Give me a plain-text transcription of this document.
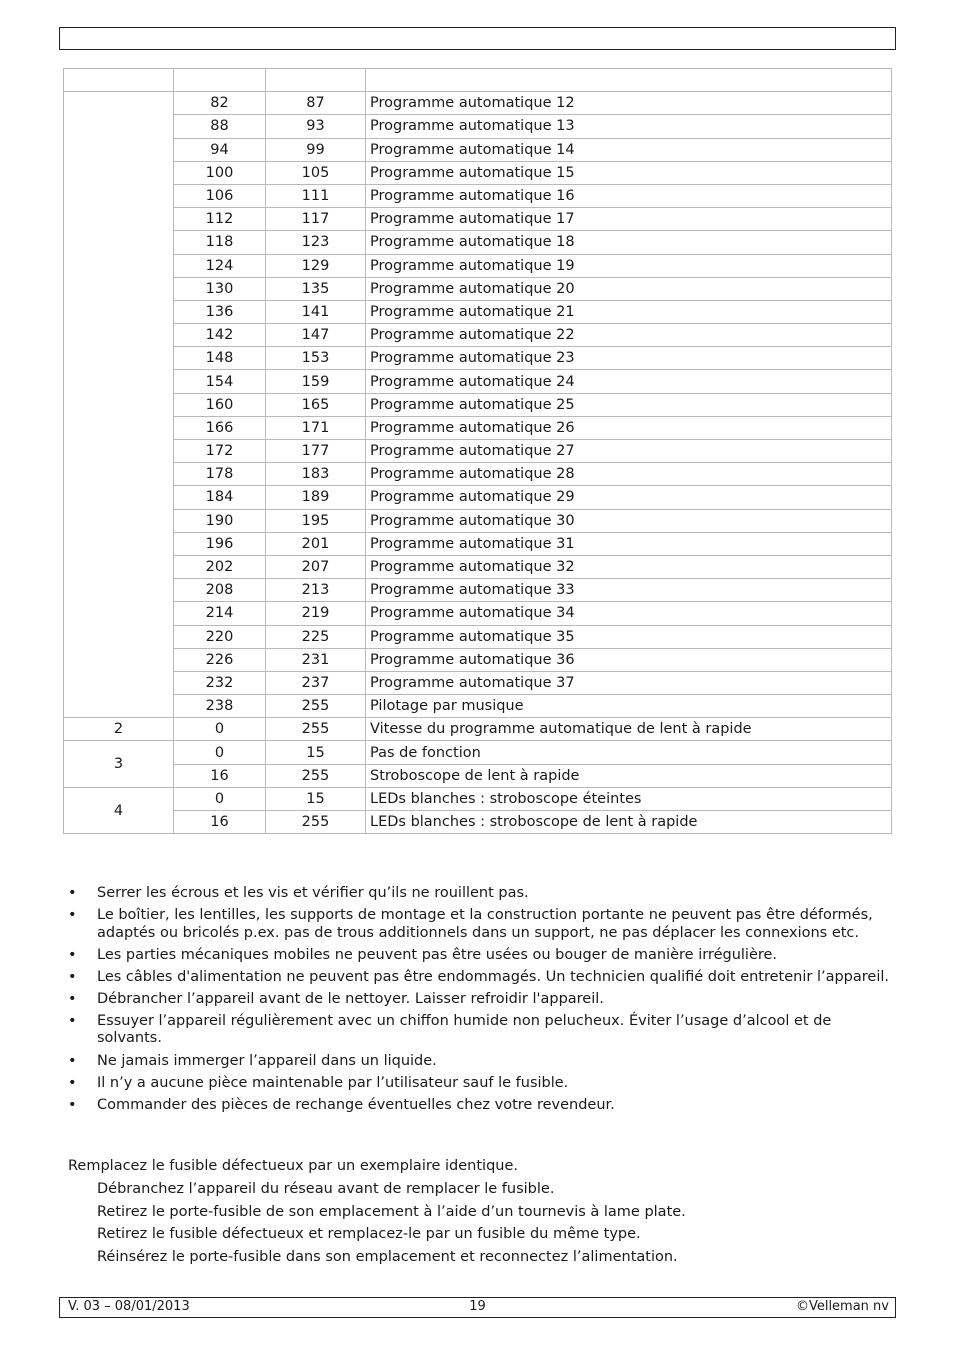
	82	87	Programme automatique 12
	88	93	Programme automatique 13
	94	99	Programme automatique 14
	100	105	Programme automatique 15
	106	111	Programme automatique 16
	112	117	Programme automatique 17
	118	123	Programme automatique 18
	124	129	Programme automatique 19
	130	135	Programme automatique 20
	136	141	Programme automatique 21
	142	147	Programme automatique 22
	148	153	Programme automatique 23
	154	159	Programme automatique 24
	160	165	Programme automatique 25
	166	171	Programme automatique 26
	172	177	Programme automatique 27
	178	183	Programme automatique 28
	184	189	Programme automatique 29
	190	195	Programme automatique 30
	196	201	Programme automatique 31
	202	207	Programme automatique 32
	208	213	Programme automatique 33
	214	219	Programme automatique 34
	220	225	Programme automatique 35
	226	231	Programme automatique 36
	232	237	Programme automatique 37
	238	255	Pilotage par musique
2	0	255	Vitesse du programme automatique de lent à rapide
3	0	15	Pas de fonction
	16	255	Stroboscope de lent à rapide
4	0	15	LEDs blanches : stroboscope éteintes
	16	255	LEDs blanches : stroboscope de lent à rapide
• Serrer les écrous et les vis et vérifier qu’ils ne rouillent pas.
• Le boîtier, les lentilles, les supports de montage et la construction portante ne peuvent pas être déformés, adaptés ou bricolés p.ex. pas de trous additionnels dans un support, ne pas déplacer les connexions etc.
• Les parties mécaniques mobiles ne peuvent pas être usées ou bouger de manière irrégulière.
• Les câbles d'alimentation ne peuvent pas être endommagés. Un technicien qualifié doit entretenir l’appareil.
• Débrancher l’appareil avant de le nettoyer. Laisser refroidir l'appareil.
• Essuyer l’appareil régulièrement avec un chiffon humide non pelucheux. Éviter l’usage d’alcool et de solvants.
• Ne jamais immerger l’appareil dans un liquide.
• Il n’y a aucune pièce maintenable par l’utilisateur sauf le fusible.
• Commander des pièces de rechange éventuelles chez votre revendeur.
Remplacez le fusible défectueux par un exemplaire identique.
Débranchez l’appareil du réseau avant de remplacer le fusible.
Retirez le porte-fusible de son emplacement à l’aide d’un tournevis à lame plate.
Retirez le fusible défectueux et remplacez-le par un fusible du même type.
Réinsérez le porte-fusible dans son emplacement et reconnectez l’alimentation.
V. 03 – 08/01/2013	19	©Velleman nv
